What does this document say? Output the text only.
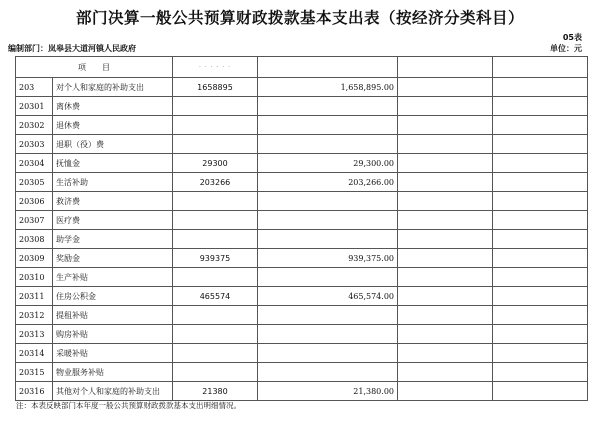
部门决算一般公共预算财政拨款基本支出表（按经济分类科目）
05表
编制部门：岚皋县大道河镇人民政府	单位：元
项　　目		· · · · · ·			
203	对个人和家庭的补助支出	1658895	1,658,895.00		
20301	离休费				
20302	退休费				
20303	退职（役）费				
20304	抚恤金	29300	29,300.00		
20305	生活补助	203266	203,266.00		
20306	救济费				
20307	医疗费				
20308	助学金				
20309	奖励金	939375	939,375.00		
20310	生产补贴				
20311	住房公积金	465574	465,574.00		
20312	提租补贴				
20313	购房补贴				
20314	采暖补贴				
20315	物业服务补贴				
20316	其他对个人和家庭的补助支出	21380	21,380.00		
注：本表反映部门本年度一般公共预算财政拨款基本支出明细情况。
